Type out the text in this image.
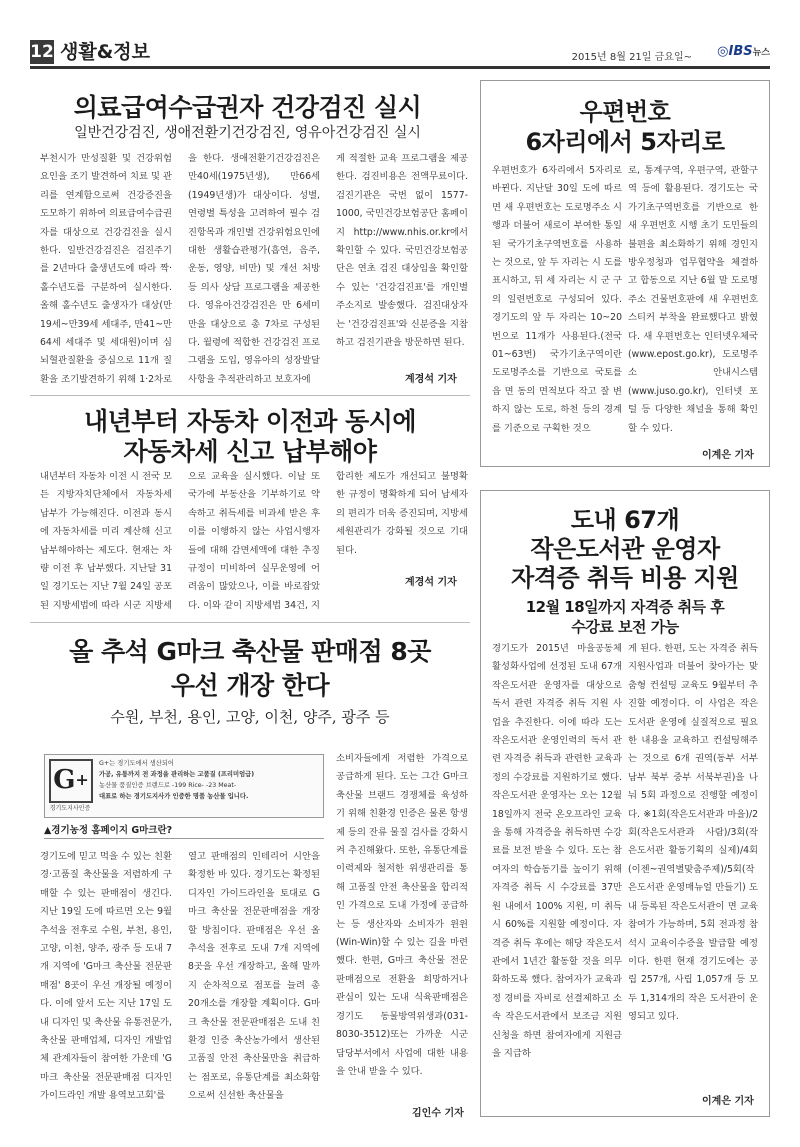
12 생활&정보	2015년 8월 21일 금요일~ ◎IBS뉴스
의료급여수급권자 건강검진 실시
일반건강검진, 생애전환기건강검진, 영유아건강검진 실시
부천시가 만성질환 및 건강위험요인을 조기 발견하여 치료 및 관리를 연계함으로써 건강증진을 도모하기 위하여 의료급여수급권자를 대상으로 건강검진을 실시한다. 일반건강검진은 검진주기를 2년마다 출생년도에 따라 짝·홀수년도를 구분하여 실시한다. 올해 홀수년도 출생자가 대상(만19세~만39세 세대주, 만41~만64세 세대주 및 세대원)이며 심뇌혈관질환을 중심으로 11개 질환을 조기발견하기 위해 1·2차로
을 한다. 생애전환기건강검진은 만40세(1975년생), 만66세(1949년생)가 대상이다. 성별, 연령별 특성을 고려하여 필수 검진항목과 개인별 건강위험요인에 대한 생활습관평가(흡연, 음주, 운동, 영양, 비만) 및 개선 처방 등 의사 상담 프로그램을 제공한다. 영유아건강검진은 만 6세미만을 대상으로 총 7차로 구성된다. 월령에 적합한 건강검진 프로그램을 도입, 영유아의 성장발달 사항을 추적관리하고 보호자에
게 적절한 교육 프로그램을 제공한다. 검진비용은 전액무료이다. 검진기관은 국번 없이 1577-1000, 국민건강보험공단 홈페이지 http://www.nhis.or.kr에서 확인할 수 있다. 국민건강보험공단은 연초 검진 대상임을 확인할 수 있는 '건강검진표'를 개인별 주소지로 발송했다. 검진대상자는 '건강검진표'와 신분증을 지참하고 검진기관을 방문하면 된다.
계경석 기자
내년부터 자동차 이전과 동시에
자동차세 신고 납부해야
내년부터 자동차 이전 시 전국 모든 지방자치단체에서 자동차세 납부가 가능해진다. 이전과 동시에 자동차세를 미리 계산해 신고 납부해야하는 제도다. 현재는 차량 이전 후 납부했다. 지난달 31일 경기도는 지난 7월 24일 공포된 지방세법에 따라 시군 지방세
으로 교육을 실시했다. 이날 또 국가에 부동산을 기부하기로 약속하고 취득세를 비과세 받은 후 이를 이행하지 않는 사업시행자들에 대해 감면세액에 대한 추징규정이 미비하여 실무운영에 어려움이 많았으나, 이를 바로잡았다. 이와 같이 지방세법 34건, 지
합리한 제도가 개선되고 불명확한 규정이 명확하게 되어 납세자의 편리가 더욱 증진되며, 지방세 세원관리가 강화될 것으로 기대된다.
계경석 기자
올 추석 G마크 축산물 판매점 8곳
우선 개장 한다
수원, 부천, 용인, 고양, 이천, 양주, 광주 등
G+
경기도지사인증
G+는 경기도에서 생산되어
가공, 유통까지 전 과정을 관리하는 고품질 (프리미엄급)
농산물 품질인증 브랜드로 -199 Rice- -23 Meat-
대표로 하는 경기도지사가 인증한 명품 농산물 입니다.
▲경기농정 홈페이지 G마크란?
소비자들에게 저렴한 가격으로 공급하게 된다. 도는 그간 G마크 축산물 브랜드 경쟁체를 육성하기 위해 친환경 인증은 물론 항생제 등의 잔류 물질 검사를 강화시켜 추진해왔다. 또한, 유통단계를 이력제와 철저한 위생관리를 통해 고품질 안전 축산물을 합리적인 가격으로 도내 가정에 공급하는 등 생산자와 소비자가 윈윈(Win-Win)할 수 있는 길을 마련했다. 한편, G마크 축산물 전문판매점으로 전환을 희망하거나 관심이 있는 도내 식육판매점은 경기도 동물방역위생과(031-8030-3512)또는 가까운 시군 담당부서에서 사업에 대한 내용을 안내 받을 수 있다.
경기도에 믿고 먹을 수 있는 친환경·고품질 축산물을 저렴하게 구매할 수 있는 판매점이 생긴다. 지난 19일 도에 따르면 오는 9월 추석을 전후로 수원, 부천, 용인, 고양, 이천, 양주, 광주 등 도내 7개 지역에 'G마크 축산물 전문판매점' 8곳이 우선 개장될 예정이다. 이에 앞서 도는 지난 17일 도내 디자인 및 축산물 유통전문가, 축산물 판매업체, 디자인 개발업체 관계자들이 참여한 가운데 'G마크 축산물 전문판매점 디자인 가이드라인 개발 용역보고회'를
열고 판매점의 인테리어 시안을 확정한 바 있다. 경기도는 확정된 디자인 가이드라인을 토대로 G마크 축산물 전문판매점을 개장할 방침이다. 판매점은 우선 올 추석을 전후로 도내 7개 지역에 8곳을 우선 개장하고, 올해 말까지 순차적으로 점포를 늘려 총 20개소를 개장할 계획이다. G마크 축산물 전문판매점은 도내 친환경 인증 축산농가에서 생산된 고품질 안전 축산물만을 취급하는 점포로, 유통단계를 최소화함으로써 신선한 축산물을
김인수 기자
우편번호
6자리에서 5자리로
우편번호가 6자리에서 5자리로 바뀐다. 지난달 30일 도에 따르면 새 우편번호는 도로명주소 시행과 더불어 새로이 부여한 통일된 국가기초구역번호를 사용하는 것으로, 앞 두 자리는 시 도를 표시하고, 뒤 세 자리는 시 군 구의 일련번호로 구성되어 있다. 경기도의 앞 두 자리는 10~20번으로 11개가 사용된다.(전국 01~63번) 국가기초구역이란 도로명주소를 기반으로 국토를 읍 면 동의 면적보다 작고 잘 변하지 않는 도로, 하천 등의 경계를 기준으로 구획한 것으
로, 통계구역, 우편구역, 관할구역 등에 활용된다. 경기도는 국가기초구역번호를 기반으로 한 새 우편번호 시행 초기 도민들의 불편을 최소화하기 위해 경인지방우정청과 업무협약을 체결하고 합동으로 지난 6월 말 도로명주소 건물번호판에 새 우편번호 스티커 부착을 완료했다고 밝혔다. 새 우편번호는 인터넷우체국(www.epost.go.kr), 도로명주소 안내시스템(www.juso.go.kr), 인터넷 포털 등 다양한 채널을 통해 확인할 수 있다.
이계은 기자
도내 67개
작은도서관 운영자
자격증 취득 비용 지원
12월 18일까지 자격증 취득 후
수강료 보전 가능
경기도가 2015년 마을공동체 활성화사업에 선정된 도내 67개 작은도서관 운영자를 대상으로 독서 관련 자격증 취득 지원 사업을 추진한다. 이에 따라 도는 작은도서관 운영인력의 독서 관련 자격증 취득과 관련한 교육과정의 수강료를 지원하기로 했다. 작은도서관 운영자는 오는 12월 18일까지 전국 온오프라인 교육을 통해 자격증을 취득하면 수강료를 보전 받을 수 있다. 도는 참여자의 학습동기를 높이기 위해 자격증 취득 시 수강료를 37만원 내에서 100% 지원, 미 취득시 60%를 지원할 예정이다. 자격증 취득 후에는 해당 작은도서관에서 1년간 활동할 것을 의무화하도록 했다. 참여자가 교육과정 경비를 자비로 선결제하고 소속 작은도서관에서 보조금 지원 신청을 하면 참여자에게 지원금을 지급하
게 된다. 한편, 도는 자격증 취득 지원사업과 더불어 찾아가는 맞춤형 컨설팅 교육도 9월부터 추진할 예정이다. 이 사업은 작은도서관 운영에 실질적으로 필요한 내용을 교육하고 컨설팅해주는 것으로 6개 권역(동부 서부 남부 북부 중부 서북부권)을 나눠 5회 과정으로 진행할 예정이다. ※1회(작은도서관과 마을)/2회(작은도서관과 사람)/3회(작은도서관 활동기획의 실제)/4회(이젠~권역별맞춤주제)/5회(작은도서관 운영매뉴얼 만들기) 도내 등록된 작은도서관이 면 교육 참여가 가능하며, 5회 전과정 참석시 교육이수증을 발급할 예정이다. 한편 현재 경기도에는 공립 257개, 사립 1,057개 등 모두 1,314개의 작은 도서관이 운영되고 있다.
이계은 기자
